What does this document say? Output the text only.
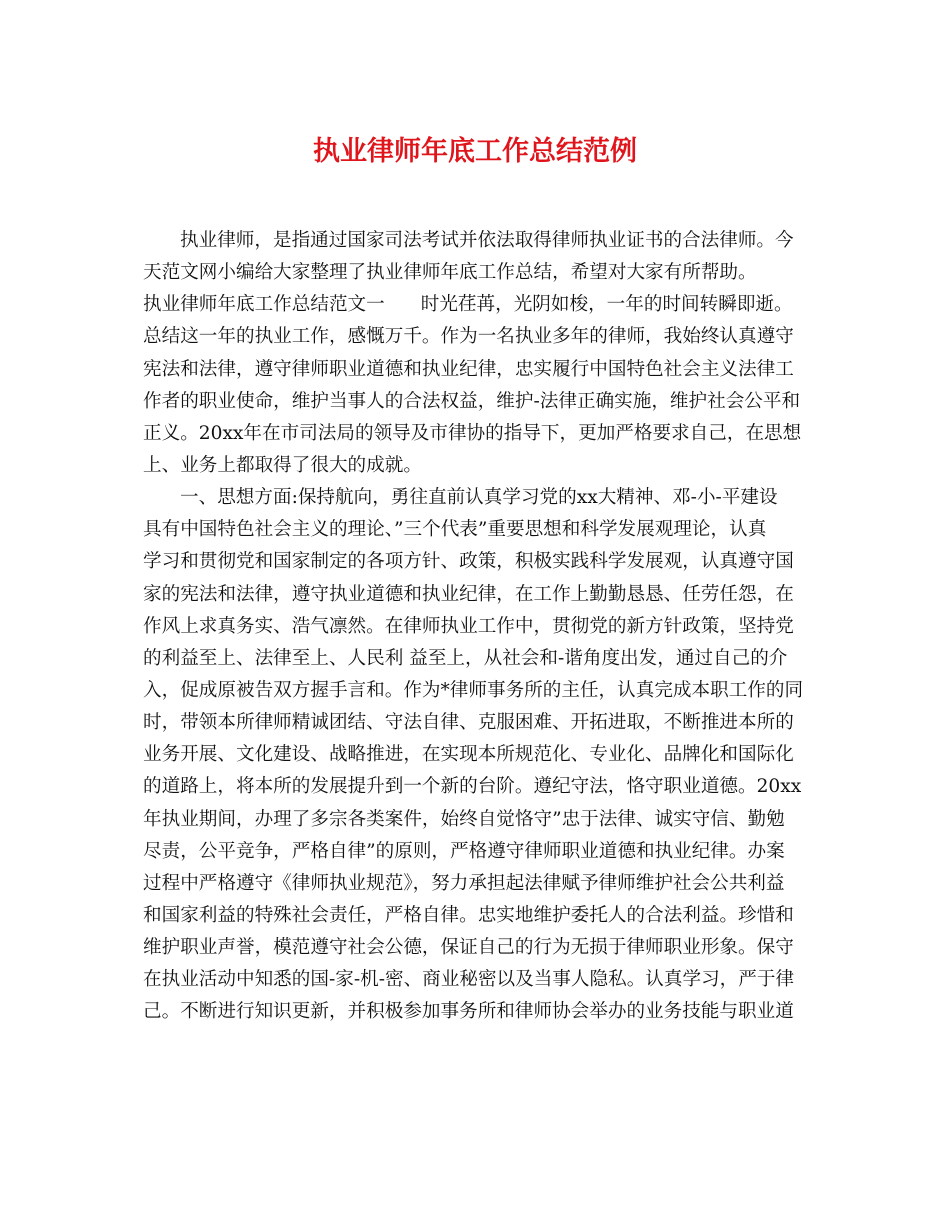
执业律师年底工作总结范例
执业律师，是指通过国家司法考试并依法取得律师执业证书的合法律师。今
天范文网小编给大家整理了执业律师年底工作总结，希望对大家有所帮助。
执业律师年底工作总结范文一 时光荏苒，光阴如梭，一年的时间转瞬即逝。
总结这一年的执业工作，感慨万千。作为一名执业多年的律师，我始终认真遵守
宪法和法律，遵守律师职业道德和执业纪律，忠实履行中国特色社会主义法律工
作者的职业使命，维护当事人的合法权益，维护-法律正确实施，维护社会公平和
正义。20xx年在市司法局的领导及市律协的指导下，更加严格要求自己，在思想
上、业务上都取得了很大的成就。
一、思想方面:保持航向，勇往直前认真学习党的xx大精神、邓-小-平建设
具有中国特色社会主义的理论、”三个代表”重要思想和科学发展观理论，认真
学习和贯彻党和国家制定的各项方针、政策，积极实践科学发展观，认真遵守国
家的宪法和法律，遵守执业道德和执业纪律，在工作上勤勤恳恳、任劳任怨，在
作风上求真务实、浩气凛然。在律师执业工作中，贯彻党的新方针政策，坚持党
的利益至上、法律至上、人民利 益至上，从社会和-谐角度出发，通过自己的介
入，促成原被告双方握手言和。作为*律师事务所的主任，认真完成本职工作的同
时，带领本所律师精诚团结、守法自律、克服困难、开拓进取，不断推进本所的
业务开展、文化建设、战略推进，在实现本所规范化、专业化、品牌化和国际化
的道路上，将本所的发展提升到一个新的台阶。遵纪守法，恪守职业道德。20xx
年执业期间，办理了多宗各类案件，始终自觉恪守”忠于法律、诚实守信、勤勉
尽责，公平竞争，严格自律”的原则，严格遵守律师职业道德和执业纪律。办案
过程中严格遵守《律师执业规范》，努力承担起法律赋予律师维护社会公共利益
和国家利益的特殊社会责任，严格自律。忠实地维护委托人的合法利益。珍惜和
维护职业声誉，模范遵守社会公德，保证自己的行为无损于律师职业形象。保守
在执业活动中知悉的国-家-机-密、商业秘密以及当事人隐私。认真学习，严于律
己。不断进行知识更新，并积极参加事务所和律师协会举办的业务技能与职业道
